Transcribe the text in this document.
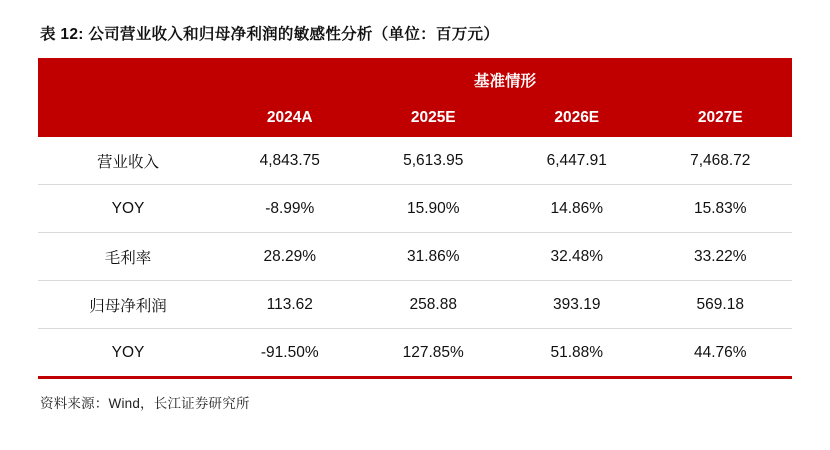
表 12: 公司营业收入和归母净利润的敏感性分析（单位：百万元）
	基准情形			
	2024A	2025E	2026E	2027E
营业收入	4,843.75	5,613.95	6,447.91	7,468.72
YOY	-8.99%	15.90%	14.86%	15.83%
毛利率	28.29%	31.86%	32.48%	33.22%
归母净利润	113.62	258.88	393.19	569.18
YOY	-91.50%	127.85%	51.88%	44.76%
资料来源：Wind，长江证券研究所
